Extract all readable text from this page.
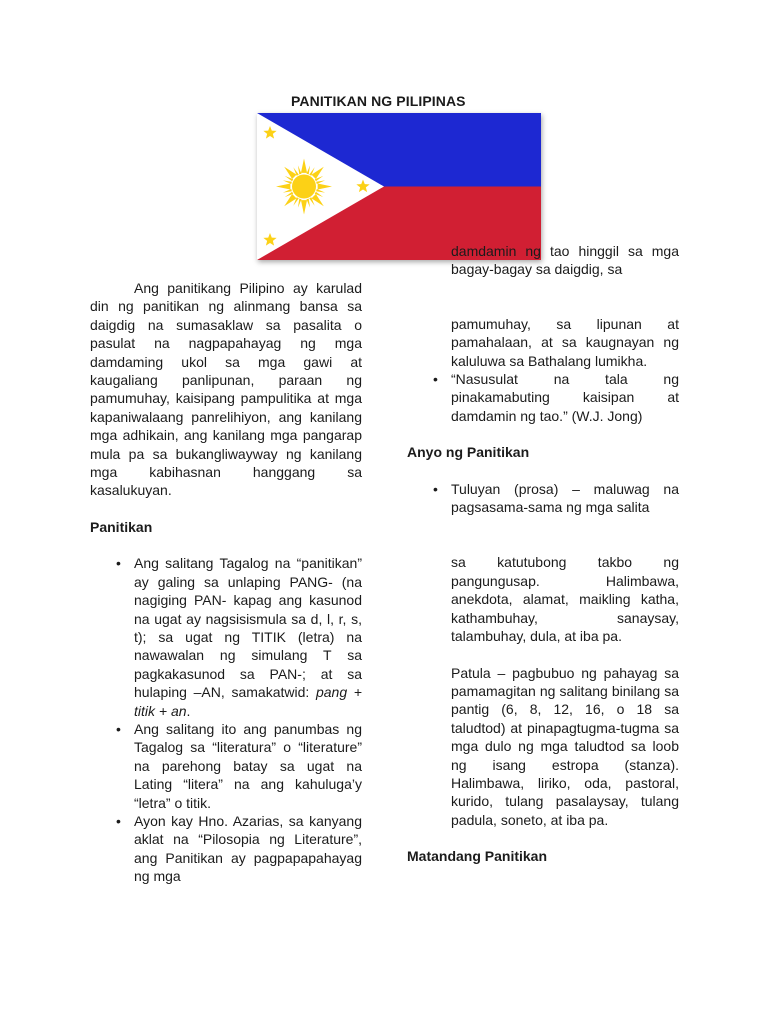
PANITIKAN NG PILIPINAS

Ang panitikang Pilipino ay karulad din ng panitikan ng alinmang bansa sa daigdig na sumasaklaw sa pasalita o pasulat na nagpapahayag ng mga damdaming ukol sa mga gawi at kaugaliang panlipunan, paraan ng pamumuhay, kaisipang pampulitika at mga kapaniwalaang panrelihiyon, ang kanilang mga adhikain, ang kanilang mga pangarap mula pa sa bukangliwayway ng kanilang mga kabihasnan hanggang sa kasalukuyan.

Panitikan

• Ang salitang Tagalog na “panitikan” ay galing sa unlaping PANG- (na nagiging PAN- kapag ang kasunod na ugat ay nagsisismula sa d, l, r, s, t); sa ugat ng TITIK (letra) na nawawalan ng simulang T sa pagkakasunod sa PAN-; at sa hulaping –AN, samakatwid: pang + titik + an.
• Ang salitang ito ang panumbas ng Tagalog sa “literatura” o “literature” na parehong batay sa ugat na Lating “litera” na ang kahuluga’y “letra” o titik.
• Ayon kay Hno. Azarias, sa kanyang aklat na “Pilosopia ng Literature”, ang Panitikan ay pagpapapahayag ng mga

damdamin ng tao hinggil sa mga bagay-bagay sa daigdig, sa

pamumuhay, sa lipunan at pamahalaan, at sa kaugnayan ng kaluluwa sa Bathalang lumikha.

• “Nasusulat na tala ng pinakamabuting kaisipan at damdamin ng tao.” (W.J. Jong)

Anyo ng Panitikan

• Tuluyan (prosa) – maluwag na pagsasama-sama ng mga salita

sa katutubong takbo ng pangungusap. Halimbawa, anekdota, alamat, maikling katha, kathambuhay, sanaysay, talambuhay, dula, at iba pa.

Patula – pagbubuo ng pahayag sa pamamagitan ng salitang binilang sa pantig (6, 8, 12, 16, o 18 sa taludtod) at pinapagtugma-tugma sa mga dulo ng mga taludtod sa loob ng isang estropa (stanza). Halimbawa, liriko, oda, pastoral, kurido, tulang pasalaysay, tulang padula, soneto, at iba pa.

Matandang Panitikan
